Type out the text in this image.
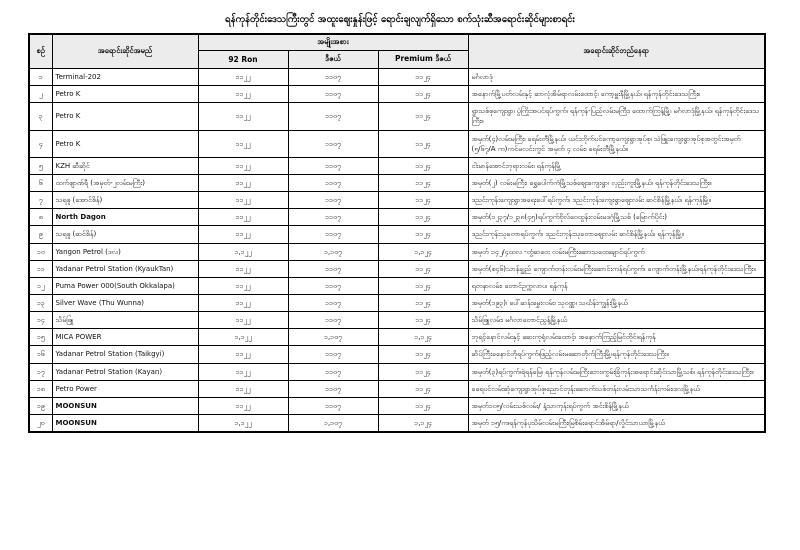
ရန်ကုန်တိုင်းဒေသကြီးတွင် အထူးဈေးနှုန်းဖြင့် ရောင်းချလျက်ရှိသော စက်သုံးဆီအရောင်းဆိုင်များစာရင်း
စဉ်	အရောင်းဆိုင်အမည်	အမျိုးအစား			အရောင်းဆိုင်တည်နေရာ
		92 Ron	ဒီဇယ်	Premium ဒီဇယ်	
၁	Terminal-202	၁၁၂၂	၁၁၀၇	၁၁၂၄	မင်္ဂလာဒုံ
၂	Petro K	၁၁၂၂	၁၁၀၇	၁၁၂၄	အနောက်မြို့ပတ်လမ်းနှင့် ဆာလုံအိမ်ရာလမ်းထောင့်၊ ကော့မှူးနီမြို့နယ်၊ ရန်ကုန်တိုင်းဒေသကြီး။
၃	Petro K	၁၁၂၂	၁၁၀၇	၁၁၂၄	ရွာသစ်စုကျေးရွာ၊ ပွဲကြိုးအပင်ရပ်ကွက်၊ ရန်ကုန်-ပြည်လမ်းမကြီး၊ ထောက်ကြန့်မြို့၊ မင်္ဂလာဒုံမြို့နယ်၊ ရန်ကုန်တိုင်းဒေသကြီး။
၄	Petro K	၁၁၂၂	၁၁၀၇	၁၁၂၄	အမှတ်(၄)လမ်းမကြီး၊ ခရမ်းတီမြို့နယ်၊ ယင်းတိုက်ပင်ကော့ကျေးရွာအုပ်စု၊ သဲဖြူးကျေးရွာအုပ်စုအတွင်းအမှတ် (၅/၆၇/A က)ကင်မလင်းကွင် အမှတ် ၄ လမ်း၊ ခရမ်းတီမြို့နယ်။
၅	KZH ဆီဆိုင်	၁၁၂၂	၁၁၀၇	၁၁၂၄	ငါးမာန်အောင်ဘုရားလမ်း၊ ရန်ကုန်မြို့
၆	ထက်ဈာဏ်ရီ (အမှတ်-၂လမ်းမကြီး)	၁၁၂၂	၁၁၀၇	၁၁၂၄	အမှတ်(၂) လမ်းမကြီး၊ ရွှေပေါက်ကံမြို့သစ်ဈေးကျေးရွာ၊ လှည်းကူးမြို့နယ်၊ ရန်ကုန်တိုင်းဒေသကြီး။
၇	သရဖူ (အောင်စိန်)	၁၁၂၂	၁၁၀၇	၁၁၂၄	ဒညင်းကုန်းကျေးရွာအရေးပေါ်ရပ်ကွက်၊ ဒညင်းကုန်းကျေးရွာဈေးလမ်း ဆင်စိန်မြို့နယ်၊ ရန်ကုန်မြို့။
၈	North Dagon	၁၁၂၂	၁၁၀၇	၁၁၂၄	အမှတ်(၁၂၃၇/၁၂၃၈(၄၅)ရပ်ကွက်ဗိုလ်ဝေထွန်းလမ်းမဒဂုံမြို့သစ် (မြောက်ပိုင်း)
၉	သရဖူ (ဆင်စိန်)	၁၁၂၂	၁၁၀၇	၁၁၂၄	ဒညင်းကုန်းသုခတာရပ်ကွက်၊ ဒညင်းကုန်းသုခတာဈေးလမ်း ဆင်စိန်မြို့နယ်၊ ရန်ကုန်မြို့။
၁၀	Yangon Petrol (ဒလ)	၁,၁၂၂	၁,၁၀၇	၁,၁၂၄	အမှတ် ၁၄၂/၄ထလ -တွံဆဝေး လမ်းမကြီးဆောသဝေးချောင်ရပ်ကွက်
၁၁	Yadanar Petrol Station (KyaukTan)	၁၁၂၂	၁၁၀၇	၁၁၂၄	အမှတ်(စ၄၆)သာန်ချွည် ကျောက်တန်းလမ်းမကြီးဆောင်းကန်ရပ်ကွက်၊ ကျောက်တန်းမြို့နယ်၊ရန်ကုန်တိုင်းဒေသကြီး။
၁၂	Puma Power 000(South Okkalapa)	၁၁၂၂	၁၁၀၇	၁၁၂၄	ရတနာလမ်း၊ တောင်ဥက္ကလာပ၊ ရန်ကုန်
၁၃	Silver Wave (Thu Wunna)	၁၁၂၂	၁၁၀၇	၁၁၂၄	အမှတ်(၁၉၃)၊ ပေါ်ဆန်းမွှေးလမ်း၊ သုဝဏ္ဏ၊ သင်္ဃန်းကျွန်းမြို့နယ်
၁၄	သိမ်ဖြူ	၁၁၂၂	၁၁၀၇	၁၁၂၄	သိမ်ဖြူလမ်း၊ မင်္ဂလာတောင်ညွန့်မြို့နယ်
၁၅	MICA POWER	၁,၁၂၂	၁,၁၀၇	၁,၁၂၄	ဘုရင့်နောင်လမ်းနှင့် ဆေးကုရုံလမ်းထောင့်၊ အနောက်ကြည့်မြင်တိုင်၊ရန်ကုန်
၁၆	Yadanar Petrol Station (Taikgyi)	၁၁၂၂	၁၁၀၇	၁၁၂၄	ဆိပ်ကြီးခနောင်တိုရပ်ကွက်၊ဖြည့်လမ်းမဆောတိုက်ကြီးမြို့၊ရန်ကုန်တိုင်းဒေသကြီး။
၁၇	Yadanar Petrol Station (Kayan)	၁၁၂၂	၁၁၀၇	၁၁၂၄	အမှတ်(၃)ရပ်ကွက်၊ရဲရန်မြေ၊ ရန်ကုန်လမ်းမကြီးဘေး၊ကွမ်းခြံကုန်းအရောင်းဆိုင်၊သာမြို့သစ်၊ ရန်ကုန်တိုင်းဒေသကြီး။
၁၈	Petro Power	၁၁၂၂	၁၁၀၇	၁၁၂၄	ခရေပင်လမ်းဆုံကျေးရွာအုပ်စု၊ညောင်တုန်းဆောက်သစ်တန်းလမ်းသာသင်္ကန်းကမ်း၊ဒလမြို့နယ်
၁၉	MOONSUN	၁၁၂၂	၁၁၀၇	၁၁၂၄	အမှတ်၁၀၅/လမ်းသစ်လမ်း/ နံ့သာကုန်းရပ်ကွက် အင်းစိန်မြို့နယ်
၂၀	MOONSUN	၁,၁၂၂	၁,၁၀၇	၁,၁၂၄	အမှတ် ၁၅/က၊ရန်ကုန်ပုသိမ်လမ်းမကြီး၊မြစိမ်းရောင်အိမ်ရာ/လှိုင်သာယာမြို့နယ်
